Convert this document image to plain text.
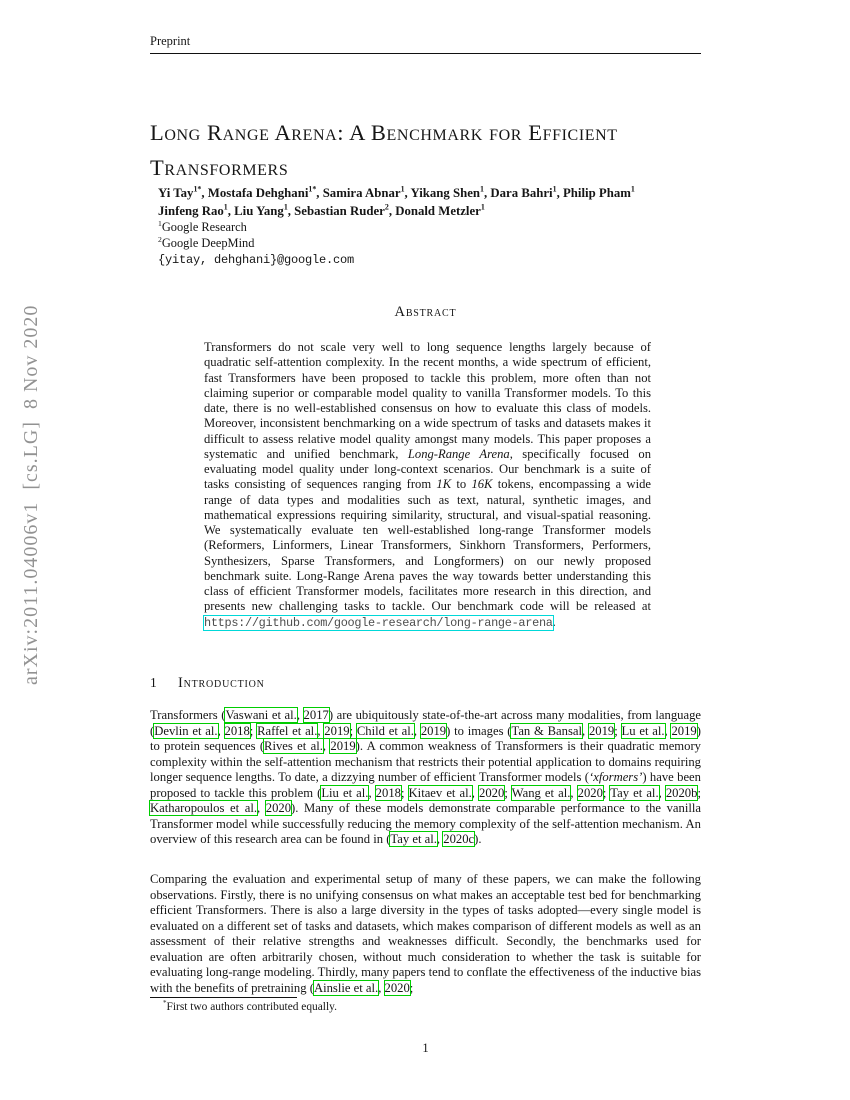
arXiv:2011.04006v1  [cs.LG]  8 Nov 2020
Preprint
Long Range Arena: A Benchmark for Efficient Transformers
Yi Tay$^{1*}$, Mostafa Dehghani$^{1*}$, Samira Abnar$^1$, Yikang Shen$^1$, Dara Bahri$^1$, Philip Pham$^1$
Jinfeng Rao$^1$, Liu Yang$^1$, Sebastian Ruder$^2$, Donald Metzler$^1$
$^1$Google Research
$^2$Google DeepMind
{yitay, dehghani}@google.com
Abstract
Transformers do not scale very well to long sequence lengths largely because of quadratic self-attention complexity. In the recent months, a wide spectrum of efficient, fast Transformers have been proposed to tackle this problem, more often than not claiming superior or comparable model quality to vanilla Transformer models. To this date, there is no well-established consensus on how to evaluate this class of models. Moreover, inconsistent benchmarking on a wide spectrum of tasks and datasets makes it difficult to assess relative model quality amongst many models. This paper proposes a systematic and unified benchmark, Long-Range Arena, specifically focused on evaluating model quality under long-context scenarios. Our benchmark is a suite of tasks consisting of sequences ranging from 1K to 16K tokens, encompassing a wide range of data types and modalities such as text, natural, synthetic images, and mathematical expressions requiring similarity, structural, and visual-spatial reasoning. We systematically evaluate ten well-established long-range Transformer models (Reformers, Linformers, Linear Transformers, Sinkhorn Transformers, Performers, Synthesizers, Sparse Transformers, and Longformers) on our newly proposed benchmark suite. Long-Range Arena paves the way towards better understanding this class of efficient Transformer models, facilitates more research in this direction, and presents new challenging tasks to tackle. Our benchmark code will be released at https://github.com/google-research/long-range-arena.
1	Introduction
Transformers (Vaswani et al., 2017) are ubiquitously state-of-the-art across many modalities, from language (Devlin et al., 2018; Raffel et al., 2019; Child et al., 2019) to images (Tan & Bansal, 2019; Lu et al., 2019) to protein sequences (Rives et al., 2019). A common weakness of Transformers is their quadratic memory complexity within the self-attention mechanism that restricts their potential application to domains requiring longer sequence lengths. To date, a dizzying number of efficient Transformer models (‘xformers’) have been proposed to tackle this problem (Liu et al., 2018; Kitaev et al., 2020; Wang et al., 2020; Tay et al., 2020b; Katharopoulos et al., 2020). Many of these models demonstrate comparable performance to the vanilla Transformer model while successfully reducing the memory complexity of the self-attention mechanism. An overview of this research area can be found in (Tay et al., 2020c).
Comparing the evaluation and experimental setup of many of these papers, we can make the following observations. Firstly, there is no unifying consensus on what makes an acceptable test bed for benchmarking efficient Transformers. There is also a large diversity in the types of tasks adopted—every single model is evaluated on a different set of tasks and datasets, which makes comparison of different models as well as an assessment of their relative strengths and weaknesses difficult. Secondly, the benchmarks used for evaluation are often arbitrarily chosen, without much consideration to whether the task is suitable for evaluating long-range modeling. Thirdly, many papers tend to conflate the effectiveness of the inductive bias with the benefits of pretraining (Ainslie et al., 2020;
*First two authors contributed equally.
1
